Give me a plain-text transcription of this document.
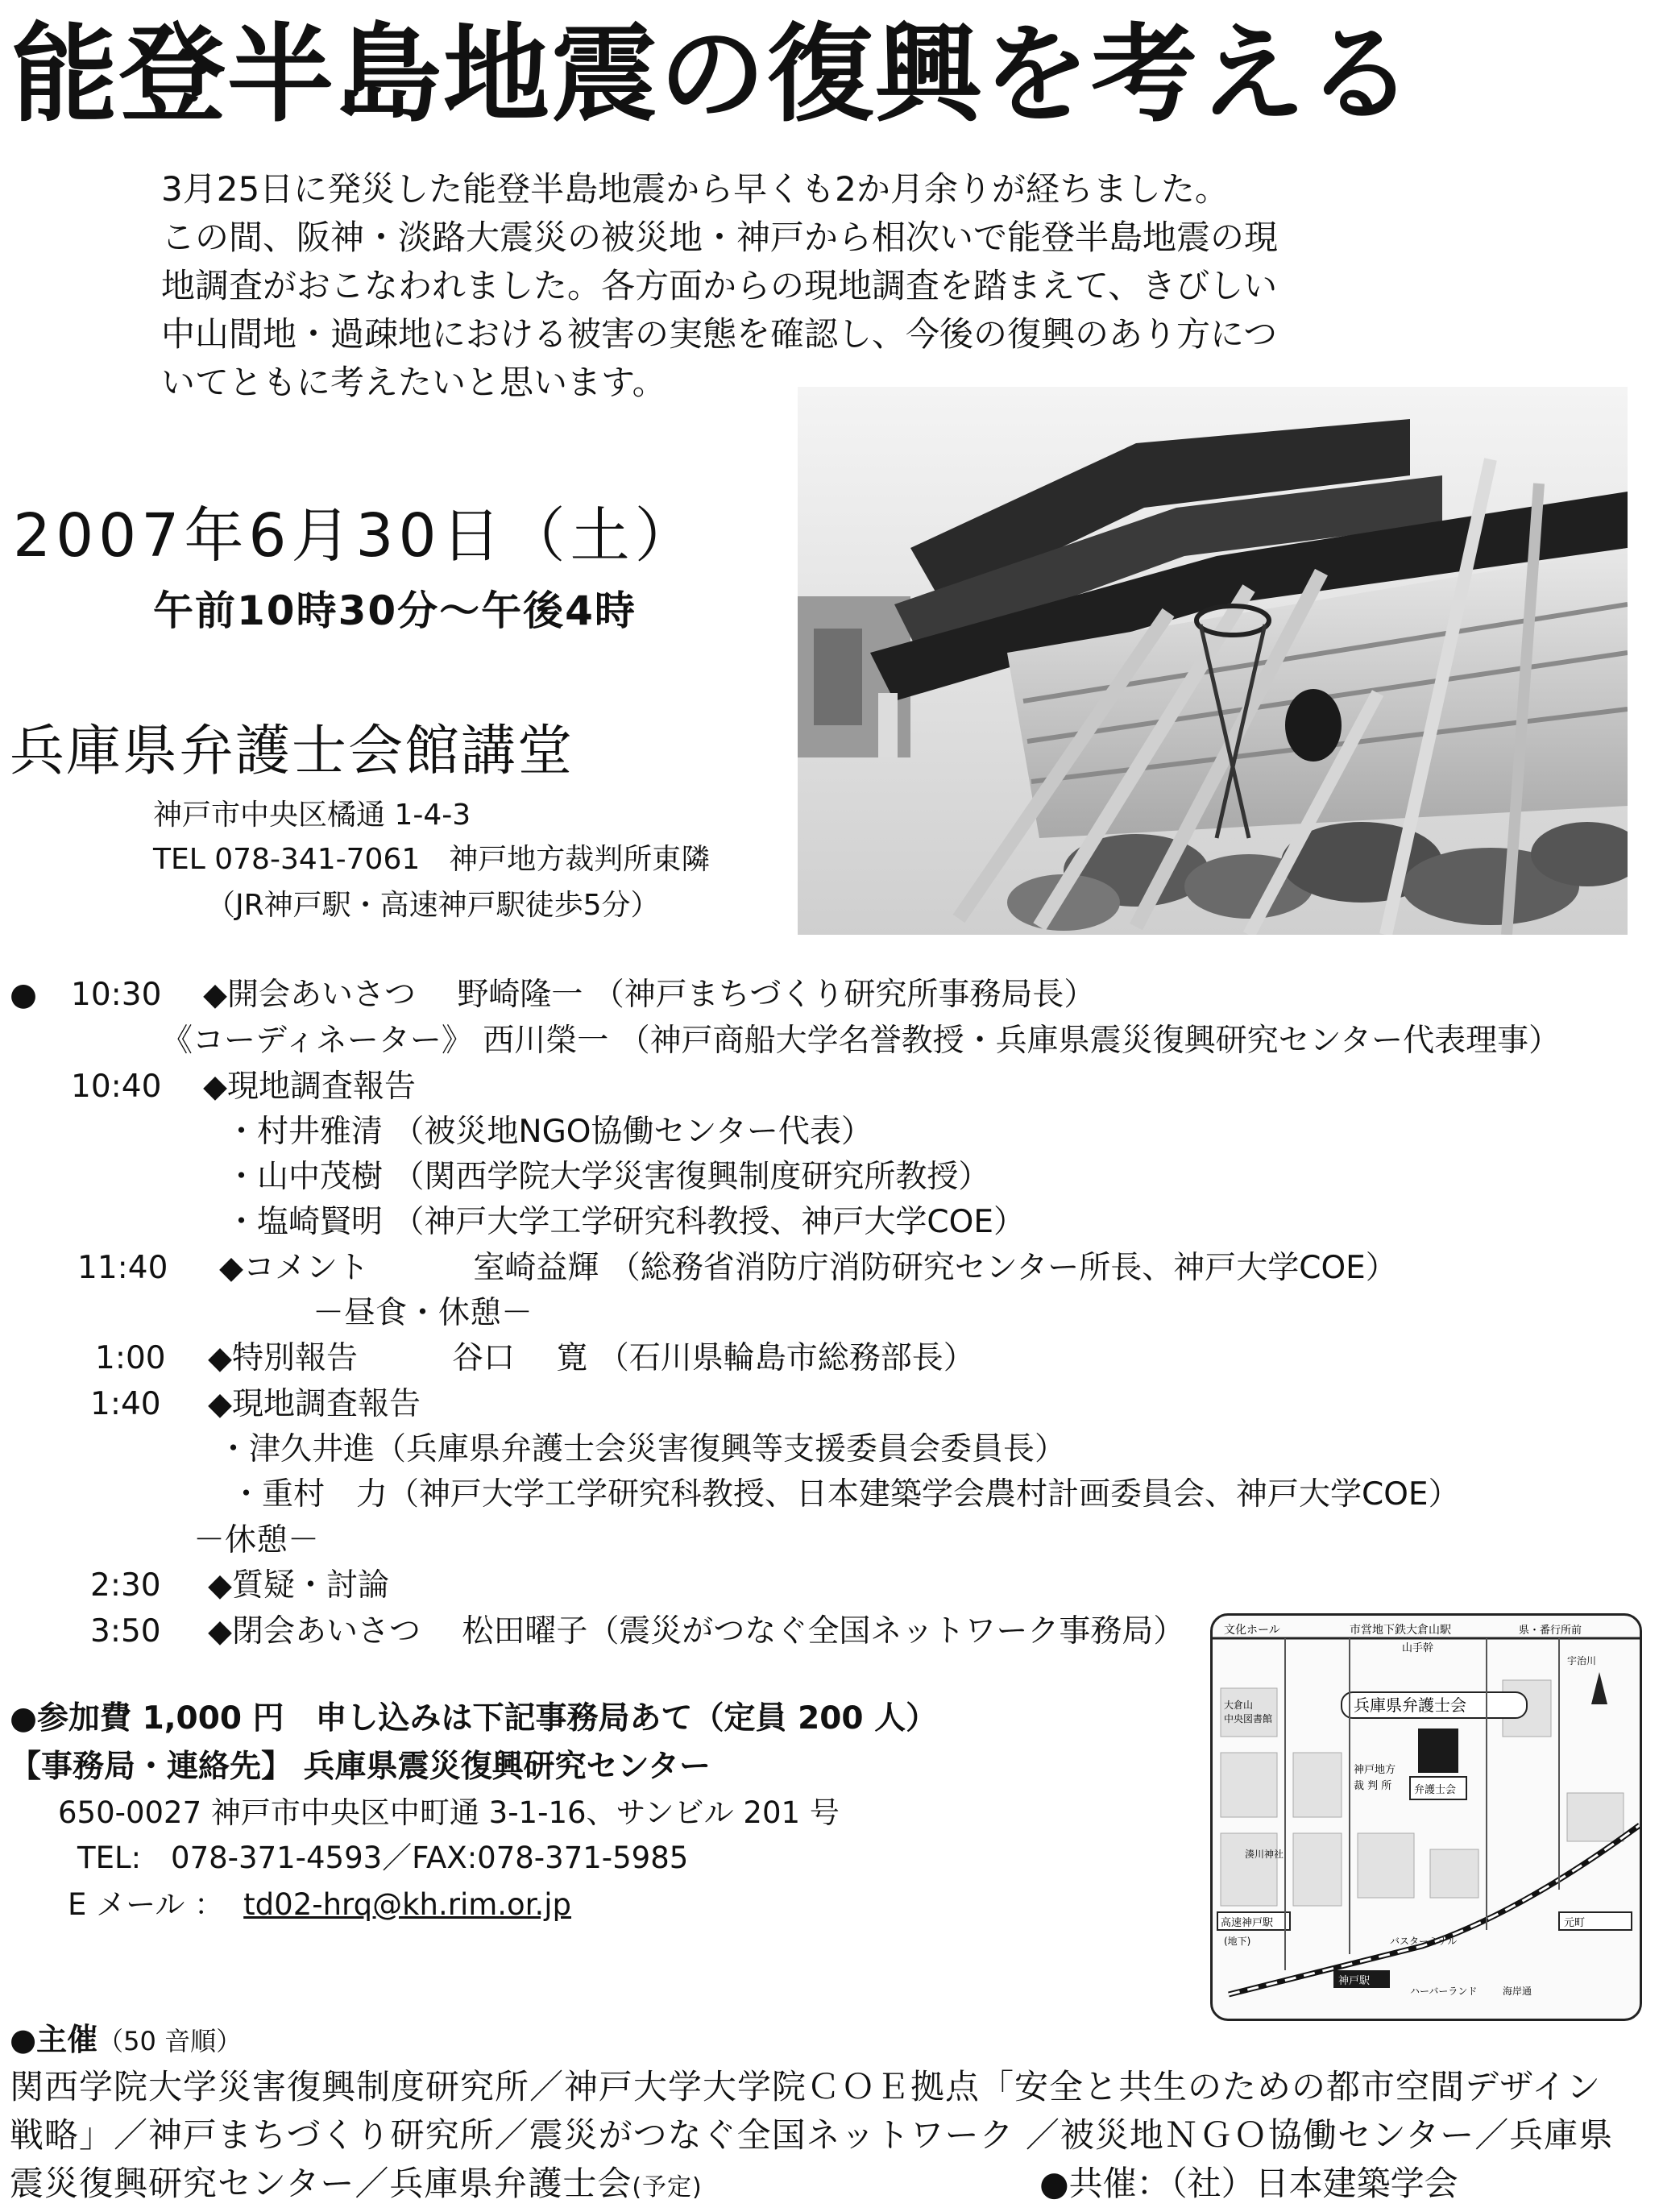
能登半島地震の復興を考える
3月25日に発災した能登半島地震から早くも2か月余りが経ちました。
この間、阪神・淡路大震災の被災地・神戸から相次いで能登半島地震の現
地調査がおこなわれました。各方面からの現地調査を踏まえて、きびしい
中山間地・過疎地における被害の実態を確認し、今後の復興のあり方につ
いてともに考えたいと思います。
2007年6月30日（土）
午前10時30分～午後4時
兵庫県弁護士会館講堂
神戸市中央区橘通 1-4-3
TEL 078-341-7061　神戸地方裁判所東隣
（JR神戸駅・高速神戸駅徒歩5分）
● 10:30 ◆開会あいさつ　 野崎隆一 （神戸まちづくり研究所事務局長）
《コーディネーター》 西川榮一 （神戸商船大学名誉教授・兵庫県震災復興研究センター代表理事）
10:40 ◆現地調査報告
・村井雅清 （被災地NGO協働センター代表）
・山中茂樹 （関西学院大学災害復興制度研究所教授）
・塩崎賢明 （神戸大学工学研究科教授、神戸大学COE）
11:40 ◆コメント　　　 室崎益輝 （総務省消防庁消防研究センター所長、神戸大学COE）
－昼食・休憩－
1:00 ◆特別報告　　　谷口　 寛 （石川県輪島市総務部長）
1:40 ◆現地調査報告
・津久井進（兵庫県弁護士会災害復興等支援委員会委員長）
・重村　力（神戸大学工学研究科教授、日本建築学会農村計画委員会、神戸大学COE）
－休憩－
2:30 ◆質疑・討論
3:50 ◆閉会あいさつ　 松田曜子（震災がつなぐ全国ネットワーク事務局）
●参加費 1,000 円　申し込みは下記事務局あて（定員 200 人）
【事務局・連絡先】 兵庫県震災復興研究センター
650-0027 神戸市中央区中町通 3-1-16、サンビル 201 号
TEL:　078-371-4593／FAX:078-371-5985
E メール ： td02-hrq@kh.rim.or.jp
文化ホール	市営地下鉄大倉山駅
山手幹
県・番行所前
大倉山
中央図書館
兵庫県弁護士会
弁護士会
神戸地方
裁 判 所
湊川神社
宇治川
高速神戸駅
(地下)
元町
神戸駅
バスターミナル
ハーバーランド	海岸通
●主催（50 音順）
関西学院大学災害復興制度研究所／神戸大学大学院ＣＯＥ拠点「安全と共生のための都市空間デザイン
戦略」／神戸まちづくり研究所／震災がつなぐ全国ネットワーク ／被災地ＮＧＯ協働センター／兵庫県
震災復興研究センター／兵庫県弁護士会(予定)	●共催：（社）日本建築学会
